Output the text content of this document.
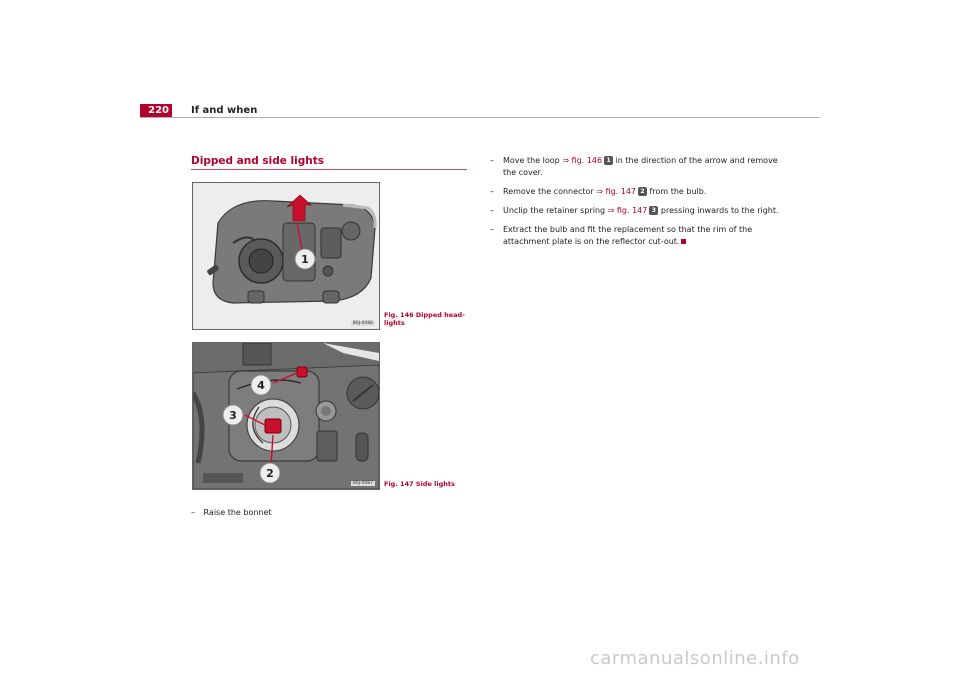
220	If and when
Dipped and side lights
1
B6J-0086
Fig. 146 Dipped head-lights
4
3
2
B6J-0087	Fig. 147 Side lights
– Raise the bonnet
– Move the loop ⇒ fig. 146 1 in the direction of the arrow and remove the cover.
– Remove the connector ⇒ fig. 147 2 from the bulb.
– Unclip the retainer spring ⇒ fig. 147 3 pressing inwards to the right.
– Extract the bulb and fit the replacement so that the rim of the attachment plate is on the reflector cut-out.
carmanualsonline.info
